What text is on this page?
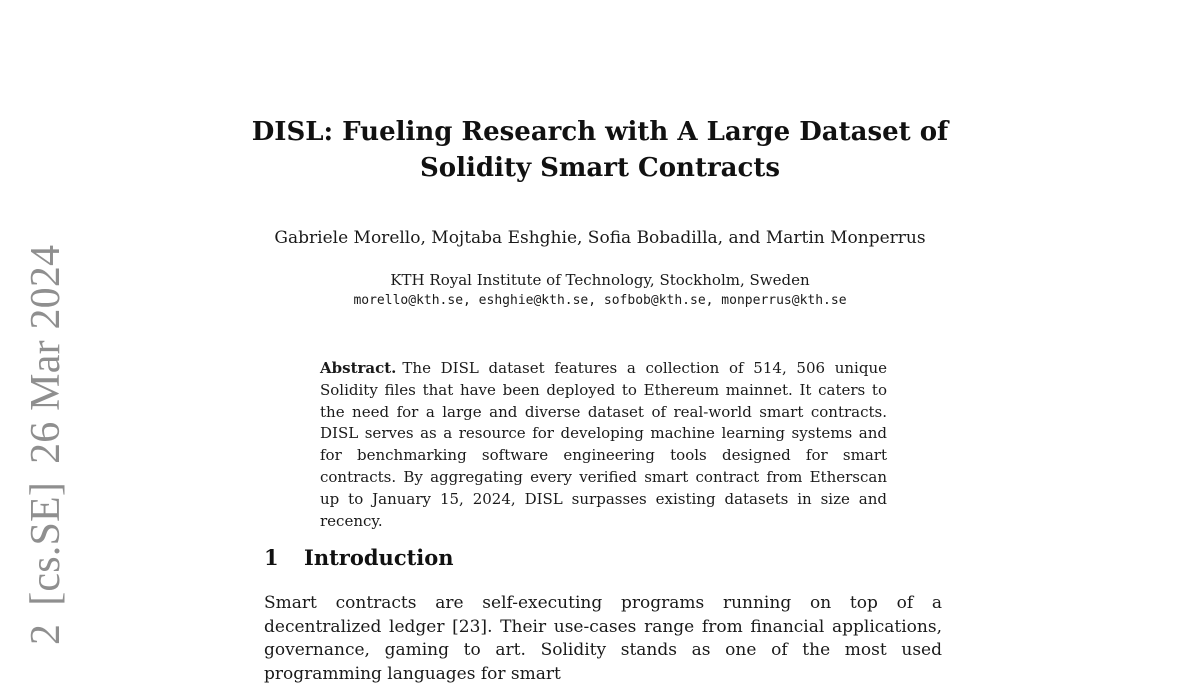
2[cs.SE]26 Mar 2024
DISL: Fueling Research with A Large Dataset of
Solidity Smart Contracts
Gabriele Morello, Mojtaba Eshghie, Sofia Bobadilla, and Martin Monperrus
KTH Royal Institute of Technology, Stockholm, Sweden
morello@kth.se, eshghie@kth.se, sofbob@kth.se, monperrus@kth.se
Abstract. The DISL dataset features a collection of 514, 506 unique Solidity files that have been deployed to Ethereum mainnet. It caters to the need for a large and diverse dataset of real-world smart contracts. DISL serves as a resource for developing machine learning systems and for benchmarking software engineering tools designed for smart contracts. By aggregating every verified smart contract from Etherscan up to January 15, 2024, DISL surpasses existing datasets in size and recency.
1 Introduction

Smart contracts are self-executing programs running on top of a decentralized ledger [23]. Their use-cases range from financial applications, governance, gaming to art. Solidity stands as one of the most used programming languages for smart
